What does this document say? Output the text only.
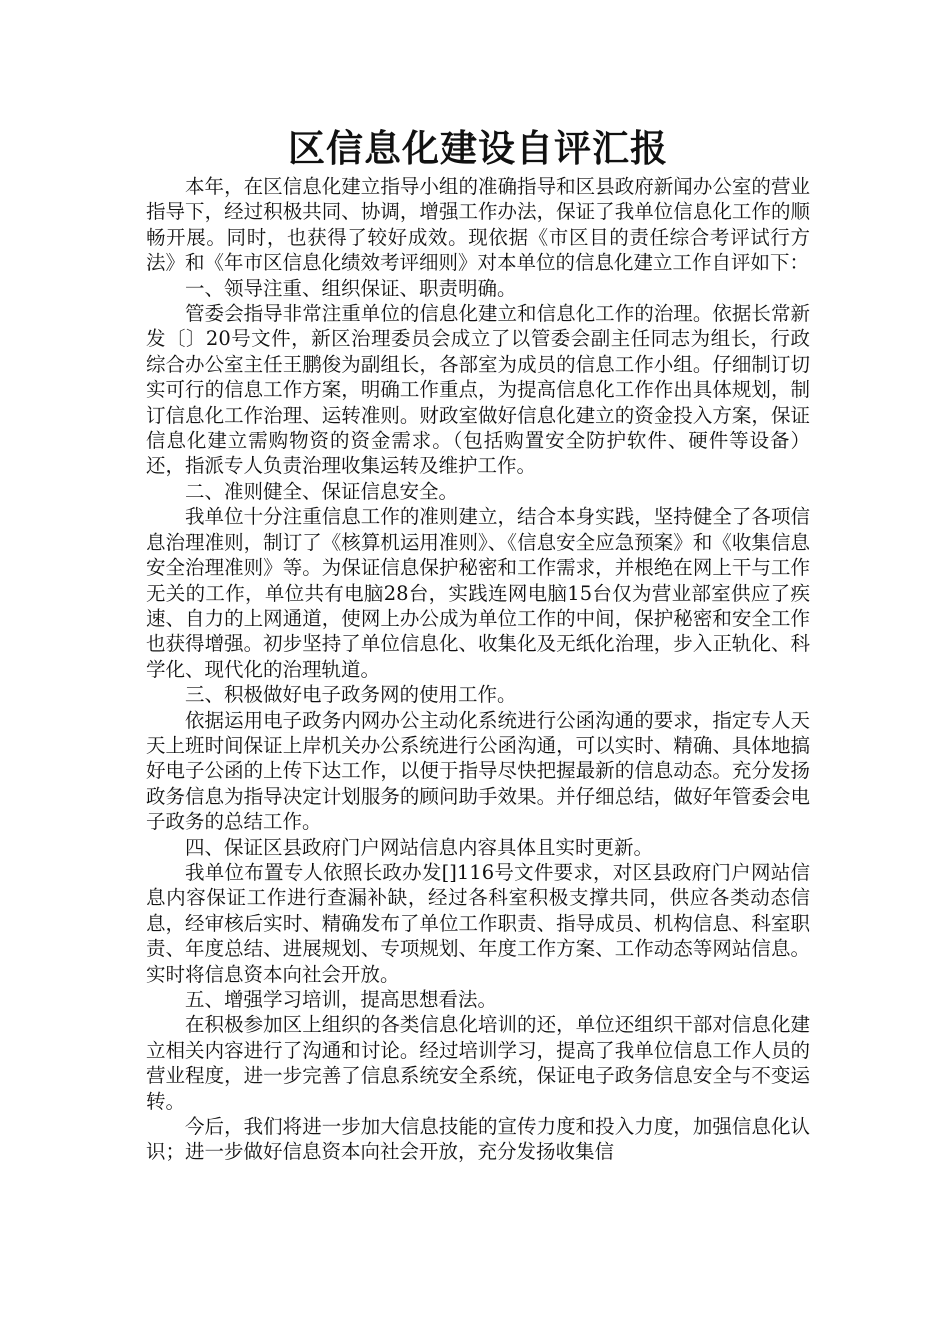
区信息化建设自评汇报

本年，在区信息化建立指导小组的准确指导和区县政府新闻办公室的营业指导下，经过积极共同、协调，增强工作办法，保证了我单位信息化工作的顺畅开展。同时，也获得了较好成效。现依据《市区目的责任综合考评试行方法》和《年市区信息化绩效考评细则》对本单位的信息化建立工作自评如下：

一、领导注重、组织保证、职责明确。

管委会指导非常注重单位的信息化建立和信息化工作的治理。依据长常新发〔〕20号文件，新区治理委员会成立了以管委会副主任同志为组长，行政综合办公室主任王鹏俊为副组长，各部室为成员的信息工作小组。仔细制订切实可行的信息工作方案，明确工作重点，为提高信息化工作作出具体规划，制订信息化工作治理、运转准则。财政室做好信息化建立的资金投入方案，保证信息化建立需购物资的资金需求。（包括购置安全防护软件、硬件等设备）还，指派专人负责治理收集运转及维护工作。

二、准则健全、保证信息安全。

我单位十分注重信息工作的准则建立，结合本身实践，坚持健全了各项信息治理准则，制订了《核算机运用准则》、《信息安全应急预案》和《收集信息安全治理准则》等。为保证信息保护秘密和工作需求，并根绝在网上干与工作无关的工作，单位共有电脑28台，实践连网电脑15台仅为营业部室供应了疾速、自力的上网通道，使网上办公成为单位工作的中间，保护秘密和安全工作也获得增强。初步坚持了单位信息化、收集化及无纸化治理，步入正轨化、科学化、现代化的治理轨道。

三、积极做好电子政务网的使用工作。

依据运用电子政务内网办公主动化系统进行公函沟通的要求，指定专人天天上班时间保证上岸机关办公系统进行公函沟通，可以实时、精确、具体地搞好电子公函的上传下达工作，以便于指导尽快把握最新的信息动态。充分发扬政务信息为指导决定计划服务的顾问助手效果。并仔细总结，做好年管委会电子政务的总结工作。

四、保证区县政府门户网站信息内容具体且实时更新。

我单位布置专人依照长政办发[]116号文件要求，对区县政府门户网站信息内容保证工作进行查漏补缺，经过各科室积极支撑共同，供应各类动态信息，经审核后实时、精确发布了单位工作职责、指导成员、机构信息、科室职责、年度总结、进展规划、专项规划、年度工作方案、工作动态等网站信息。实时将信息资本向社会开放。

五、增强学习培训，提高思想看法。

在积极参加区上组织的各类信息化培训的还，单位还组织干部对信息化建立相关内容进行了沟通和讨论。经过培训学习，提高了我单位信息工作人员的营业程度，进一步完善了信息系统安全系统，保证电子政务信息安全与不变运转。

今后，我们将进一步加大信息技能的宣传力度和投入力度，加强信息化认识；进一步做好信息资本向社会开放，充分发扬收集信
